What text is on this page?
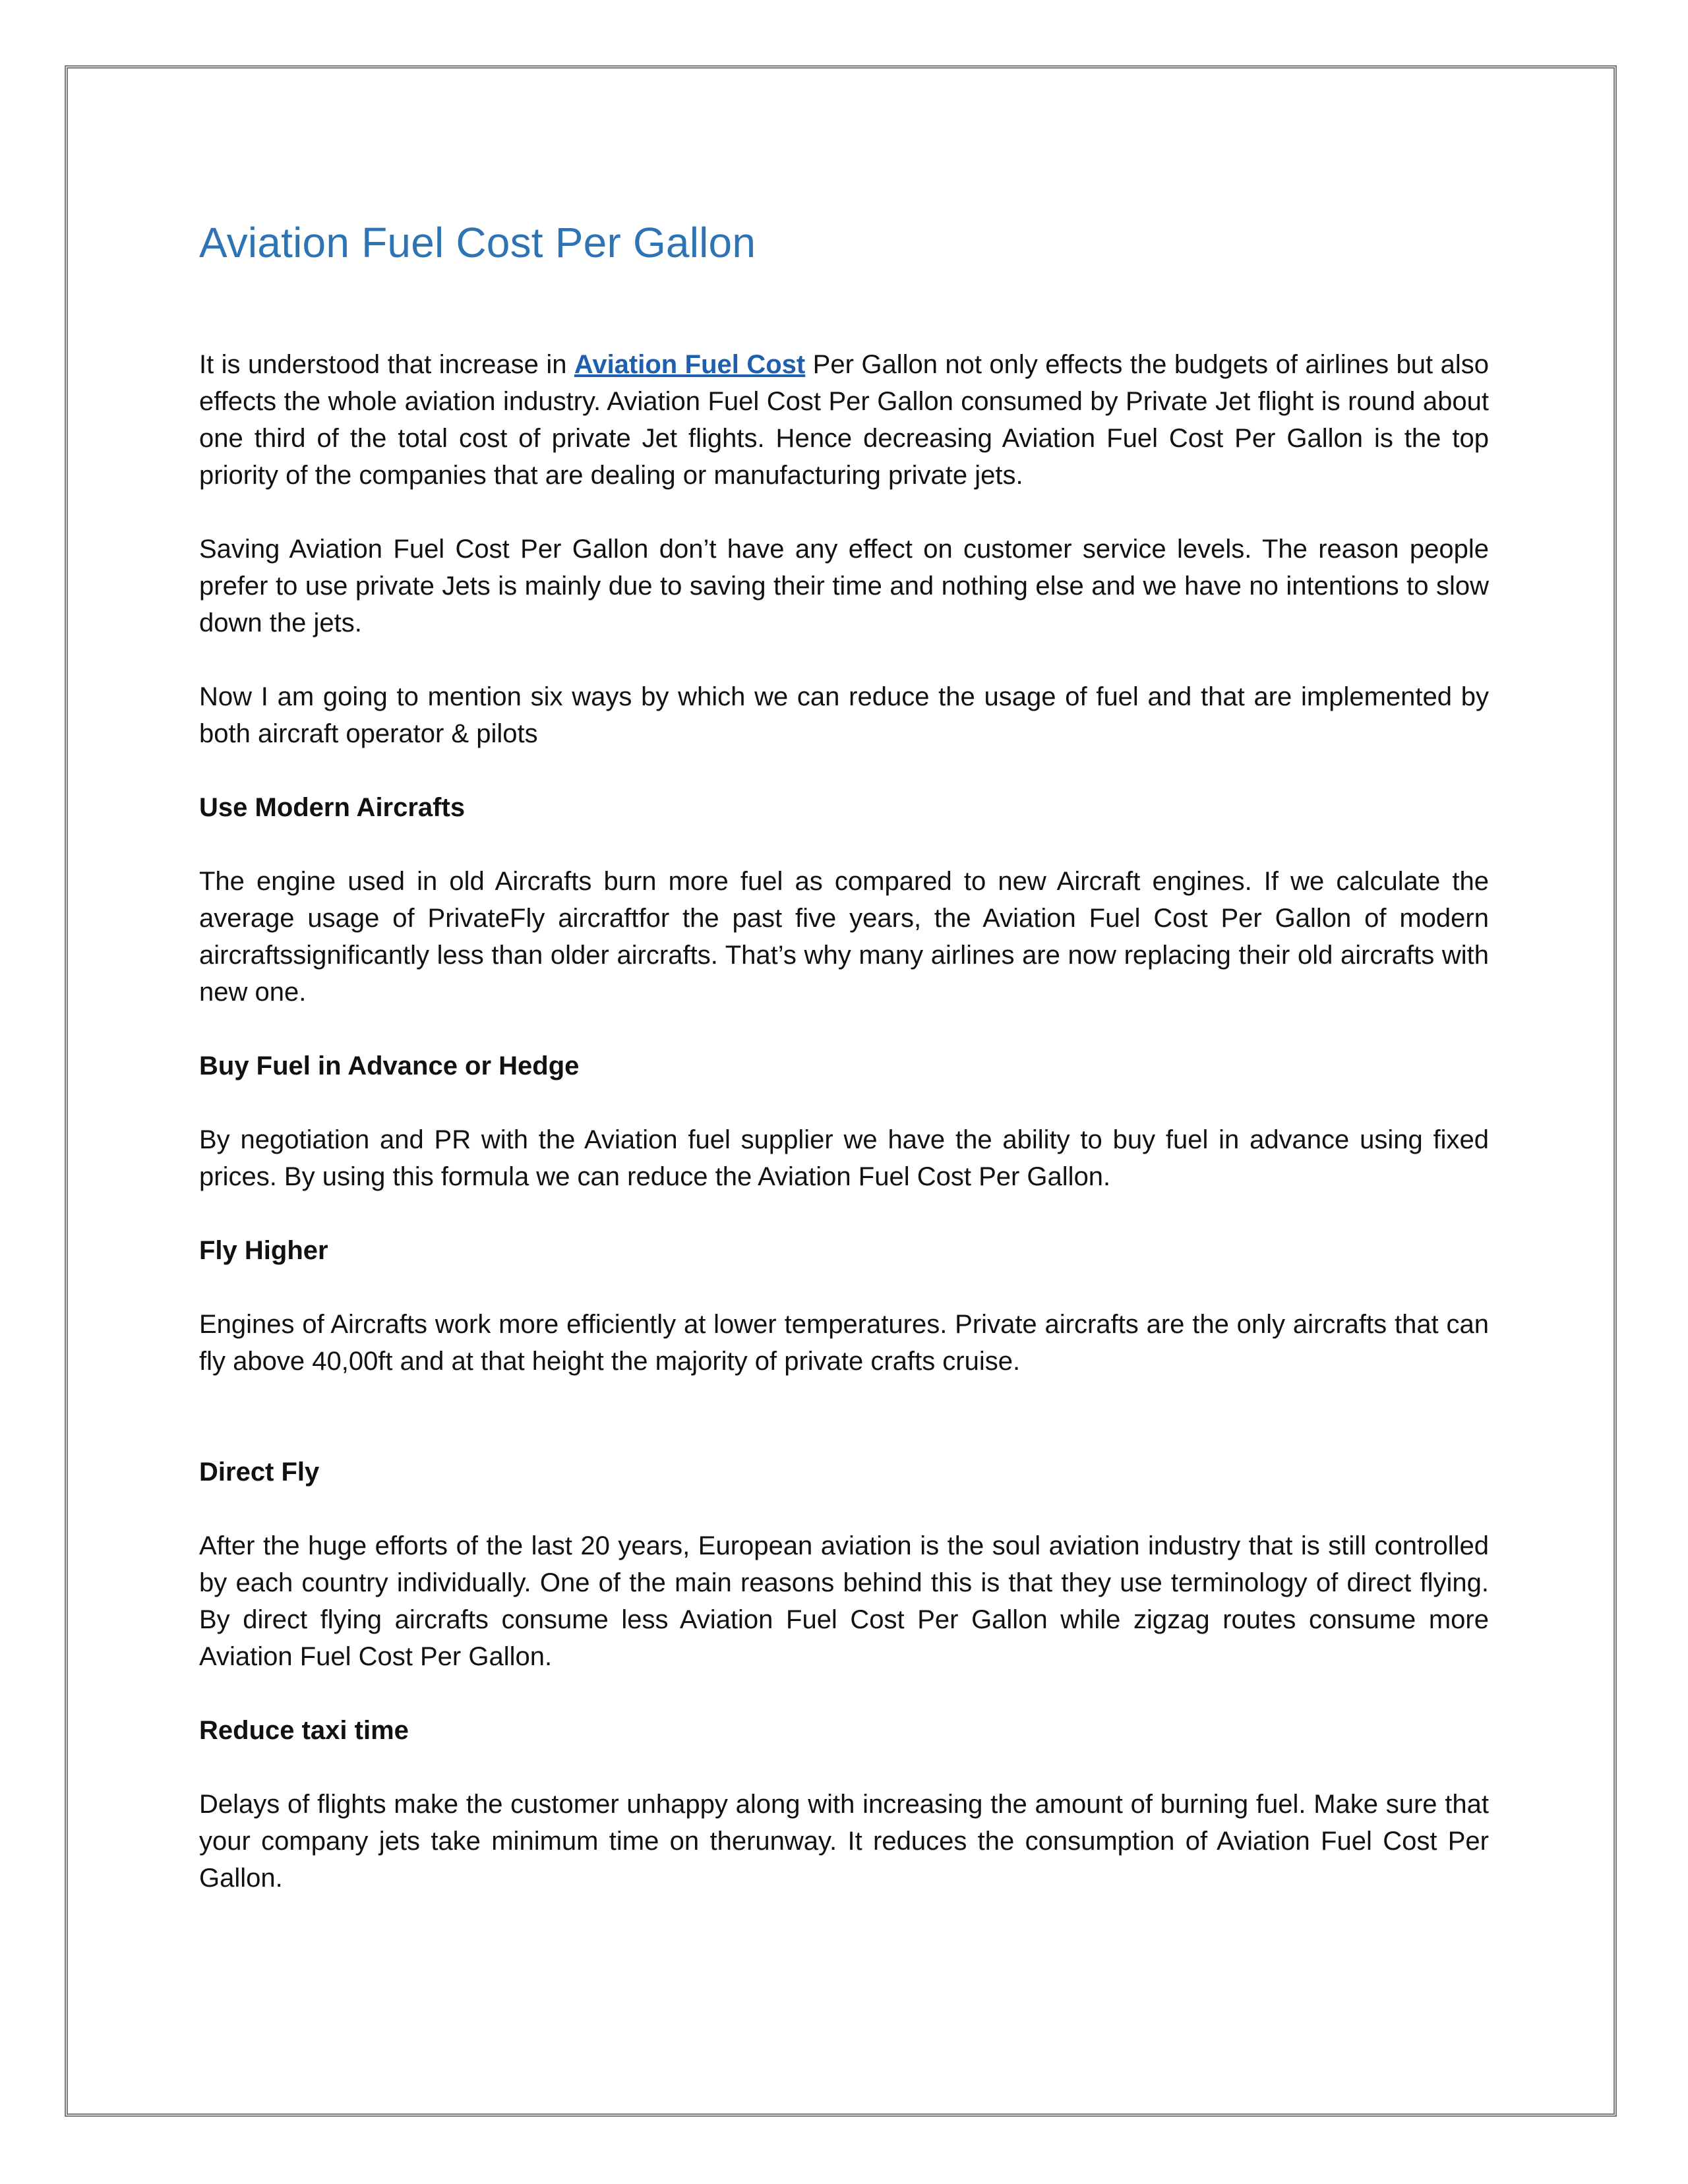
Aviation Fuel Cost Per Gallon

It is understood that increase in Aviation Fuel Cost Per Gallon not only effects the budgets of airlines but also effects the whole aviation industry. Aviation Fuel Cost Per Gallon consumed by Private Jet flight is round about one third of the total cost of private Jet flights. Hence decreasing Aviation Fuel Cost Per Gallon is the top priority of the companies that are dealing or manufacturing private jets.

Saving Aviation Fuel Cost Per Gallon don’t have any effect on customer service levels. The reason people prefer to use private Jets is mainly due to saving their time and nothing else and we have no intentions to slow down the jets.

Now I am going to mention six ways by which we can reduce the usage of fuel and that are implemented by both aircraft operator & pilots

Use Modern Aircrafts

The engine used in old Aircrafts burn more fuel as compared to new Aircraft engines. If we calculate the average usage of PrivateFly aircraftfor the past five years, the Aviation Fuel Cost Per Gallon of modern aircraftssignificantly less than older aircrafts. That’s why many airlines are now replacing their old aircrafts with new one.

Buy Fuel in Advance or Hedge

By negotiation and PR with the Aviation fuel supplier we have the ability to buy fuel in advance using fixed prices. By using this formula we can reduce the Aviation Fuel Cost Per Gallon.

Fly Higher

Engines of Aircrafts work more efficiently at lower temperatures. Private aircrafts are the only aircrafts that can fly above 40,00ft and at that height the majority of private crafts cruise.

Direct Fly

After the huge efforts of the last 20 years, European aviation is the soul aviation industry that is still controlled by each country individually. One of the main reasons behind this is that they use terminology of direct flying. By direct flying aircrafts consume less Aviation Fuel Cost Per Gallon while zigzag routes consume more Aviation Fuel Cost Per Gallon.

Reduce taxi time

Delays of flights make the customer unhappy along with increasing the amount of burning fuel. Make sure that your company jets take minimum time on therunway. It reduces the consumption of Aviation Fuel Cost Per Gallon.
